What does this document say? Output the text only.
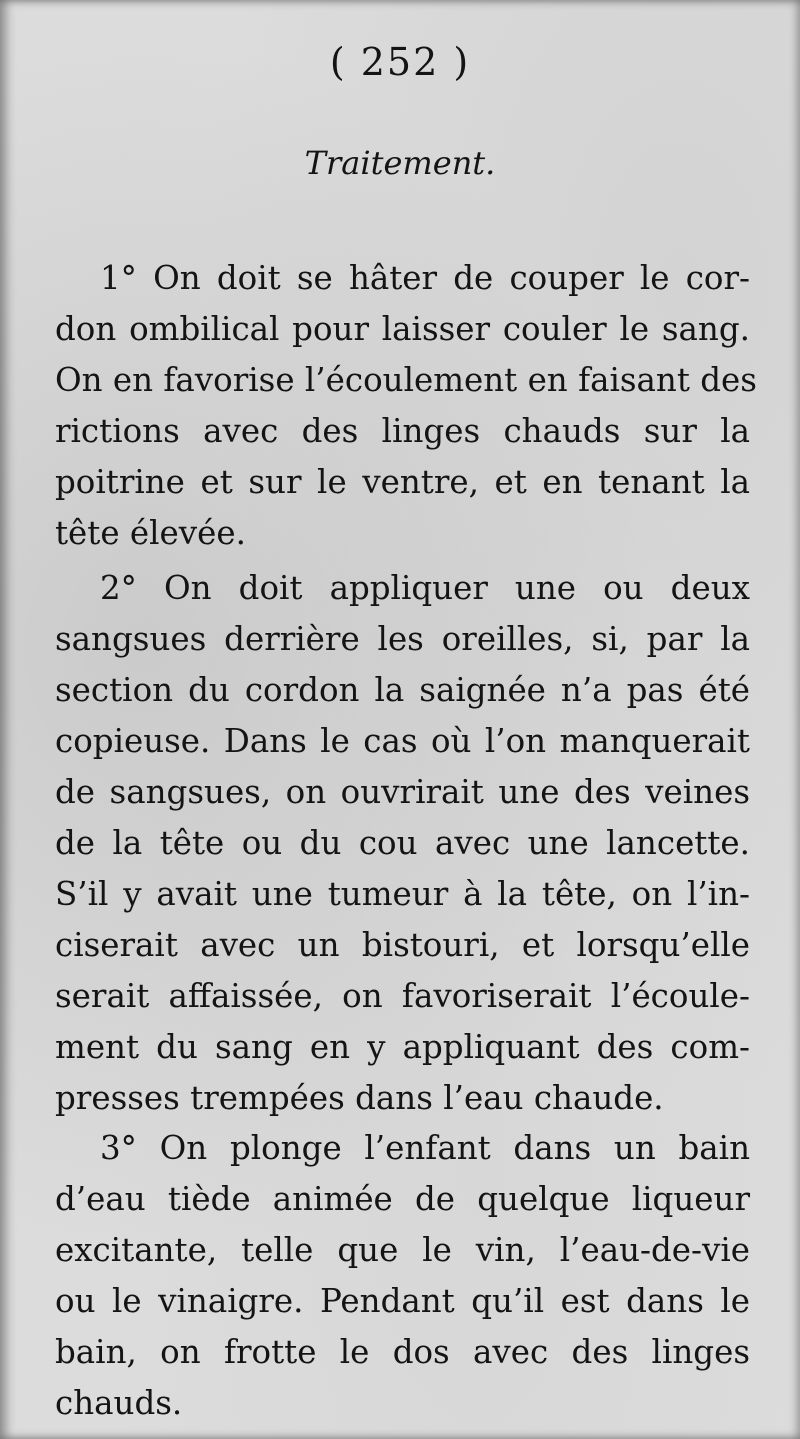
( 252 )
Traitement.
1° On doit se hâter de couper le cor-
don ombilical pour laisser couler le sang.
On en favorise l’écoulement en faisant des
rictions avec des linges chauds sur la
poitrine et sur le ventre, et en tenant la
tête élevée.
2° On doit appliquer une ou deux
sangsues derrière les oreilles, si, par la
section du cordon la saignée n’a pas été
copieuse. Dans le cas où l’on manquerait
de sangsues, on ouvrirait une des veines
de la tête ou du cou avec une lancette.
S’il y avait une tumeur à la tête, on l’in-
ciserait avec un bistouri, et lorsqu’elle
serait affaissée, on favoriserait l’écoule-
ment du sang en y appliquant des com-
presses trempées dans l’eau chaude.
3° On plonge l’enfant dans un bain
d’eau tiède animée de quelque liqueur
excitante, telle que le vin, l’eau-de-vie
ou le vinaigre. Pendant qu’il est dans le
bain, on frotte le dos avec des linges
chauds.
